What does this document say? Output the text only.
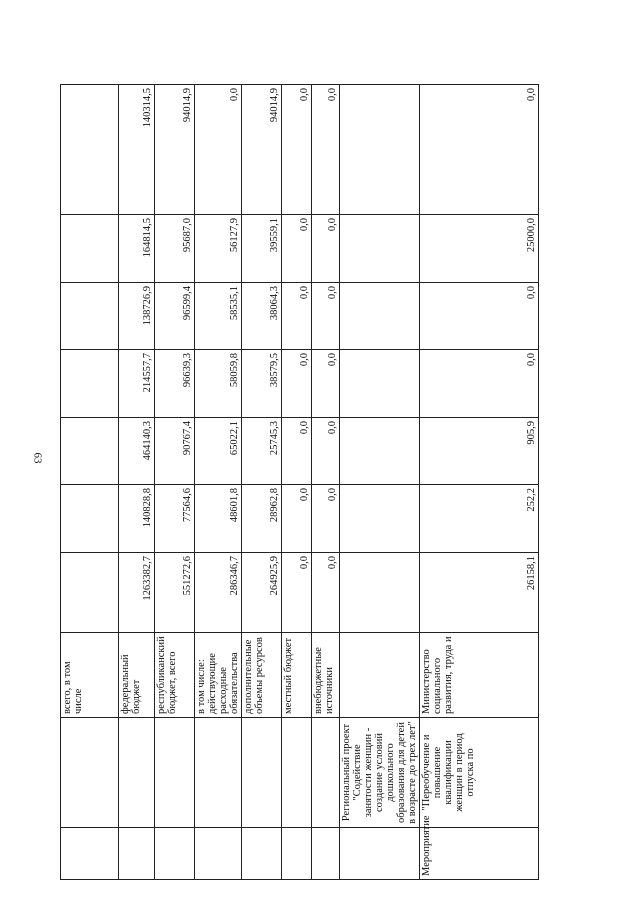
63
		всего, в том числе							
		федеральный бюджет	1263382,7	140828,8	464140,3	214557,7	138726,9	164814,5	140314,5
		республиканский бюджет, всего	551272,6	77564,6	90767,4	96639,3	96599,4	95687,0	94014,9
		в том числе: действующие расходные обязательства	286346,7	48601,8	65022,1	58059,8	58535,1	56127,9	0,0
		дополнительные объемы ресурсов	264925,9	28962,8	25745,3	38579,5	38064,3	39559,1	94014,9
		местный бюджет	0,0	0,0	0,0	0,0	0,0	0,0	0,0
		внебюджетные источники	0,0	0,0	0,0	0,0	0,0	0,0	0,0
	Региональный проект "Содействие занятости женщин - создание условий дошкольного образования для детей в возрасте до трех лет"								
Мероприятие	"Переобучение и повышение квалификации женщин в период отпуска по	Министерство социального развития, труда и	26158,1	252,2	905,9	0,0	0,0	25000,0	0,0
